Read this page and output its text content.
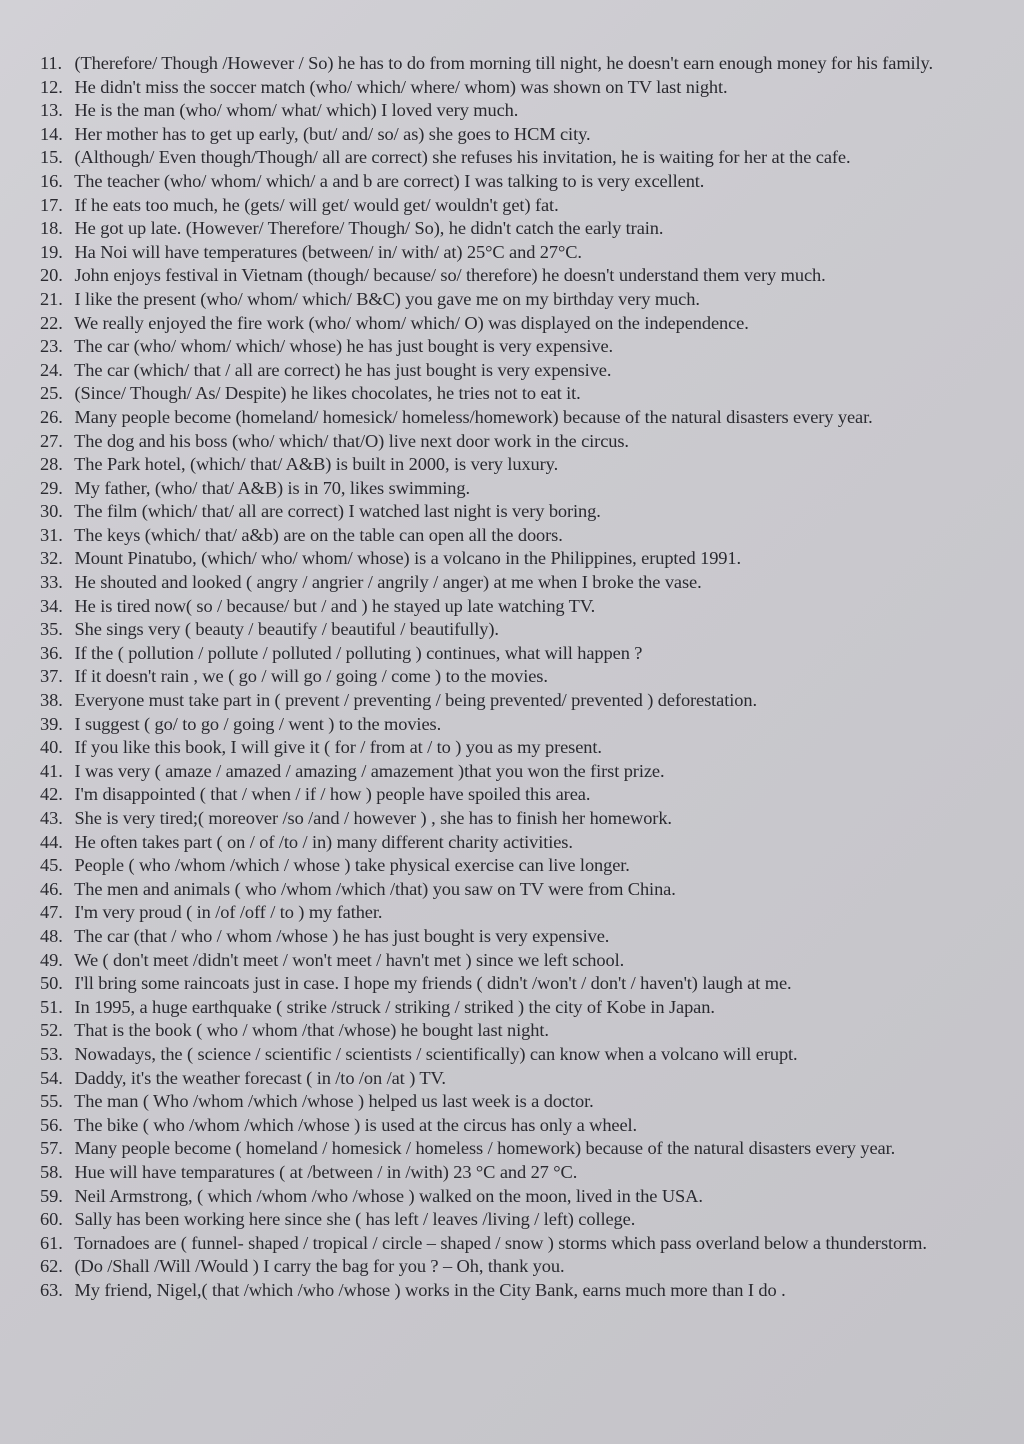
11. (Therefore/ Though /However / So) he has to do from morning till night, he doesn't earn enough money for his family.
12. He didn't miss the soccer match (who/ which/ where/ whom) was shown on TV last night.
13. He is the man (who/ whom/ what/ which) I loved very much.
14. Her mother has to get up early, (but/ and/ so/ as) she goes to HCM city.
15. (Although/ Even though/Though/ all are correct) she refuses his invitation, he is waiting for her at the cafe.
16. The teacher (who/ whom/ which/ a and b are correct) I was talking to is very excellent.
17. If he eats too much, he (gets/ will get/ would get/ wouldn't get) fat.
18. He got up late. (However/ Therefore/ Though/ So), he didn't catch the early train.
19. Ha Noi will have temperatures (between/ in/ with/ at) 25°C and 27°C.
20. John enjoys festival in Vietnam (though/ because/ so/ therefore) he doesn't understand them very much.
21. I like the present (who/ whom/ which/ B&C) you gave me on my birthday very much.
22. We really enjoyed the fire work (who/ whom/ which/ O) was displayed on the independence.
23. The car (who/ whom/ which/ whose) he has just bought is very expensive.
24. The car (which/ that / all are correct) he has just bought is very expensive.
25. (Since/ Though/ As/ Despite) he likes chocolates, he tries not to eat it.
26. Many people become (homeland/ homesick/ homeless/homework) because of the natural disasters every year.
27. The dog and his boss (who/ which/ that/O) live next door work in the circus.
28. The Park hotel, (which/ that/ A&B) is built in 2000, is very luxury.
29. My father, (who/ that/ A&B) is in 70, likes swimming.
30. The film (which/ that/ all are correct) I watched last night is very boring.
31. The keys (which/ that/ a&b) are on the table can open all the doors.
32. Mount Pinatubo, (which/ who/ whom/ whose) is a volcano in the Philippines, erupted 1991.
33. He shouted and looked ( angry / angrier / angrily / anger) at me when I broke the vase.
34. He is tired now( so / because/ but / and ) he stayed up late watching TV.
35. She sings very ( beauty / beautify / beautiful / beautifully).
36. If the ( pollution / pollute / polluted / polluting ) continues, what will happen ?
37. If it doesn't rain , we ( go / will go / going / come ) to the movies.
38. Everyone must take part in ( prevent / preventing / being prevented/ prevented ) deforestation.
39. I suggest ( go/ to go / going / went ) to the movies.
40. If you like this book, I will give it ( for / from at / to ) you as my present.
41. I was very ( amaze / amazed / amazing / amazement )that you won the first prize.
42. I'm disappointed ( that / when / if / how ) people have spoiled this area.
43. She is very tired;( moreover /so /and / however ) , she has to finish her homework.
44. He often takes part ( on / of /to / in) many different charity activities.
45. People ( who /whom /which / whose ) take physical exercise can live longer.
46. The men and animals ( who /whom /which /that) you saw on TV were from China.
47. I'm very proud ( in /of /off / to ) my father.
48. The car (that / who / whom /whose ) he has just bought is very expensive.
49. We ( don't meet /didn't meet / won't meet / havn't met ) since we left school.
50. I'll bring some raincoats just in case. I hope my friends ( didn't /won't / don't / haven't) laugh at me.
51. In 1995, a huge earthquake ( strike /struck / striking / striked ) the city of Kobe in Japan.
52. That is the book ( who / whom /that /whose) he bought last night.
53. Nowadays, the ( science / scientific / scientists / scientifically) can know when a volcano will erupt.
54. Daddy, it's the weather forecast ( in /to /on /at ) TV.
55. The man ( Who /whom /which /whose ) helped us last week is a doctor.
56. The bike ( who /whom /which /whose ) is used at the circus has only a wheel.
57. Many people become ( homeland / homesick / homeless / homework) because of the natural disasters every year.
58. Hue will have temparatures ( at /between / in /with) 23 °C and 27 °C.
59. Neil Armstrong, ( which /whom /who /whose ) walked on the moon, lived in the USA.
60. Sally has been working here since she ( has left / leaves /living / left) college.
61. Tornadoes are ( funnel- shaped / tropical / circle – shaped / snow ) storms which pass overland below a thunderstorm.
62. (Do /Shall /Will /Would ) I carry the bag for you ? – Oh, thank you.
63. My friend, Nigel,( that /which /who /whose ) works in the City Bank, earns much more than I do .
